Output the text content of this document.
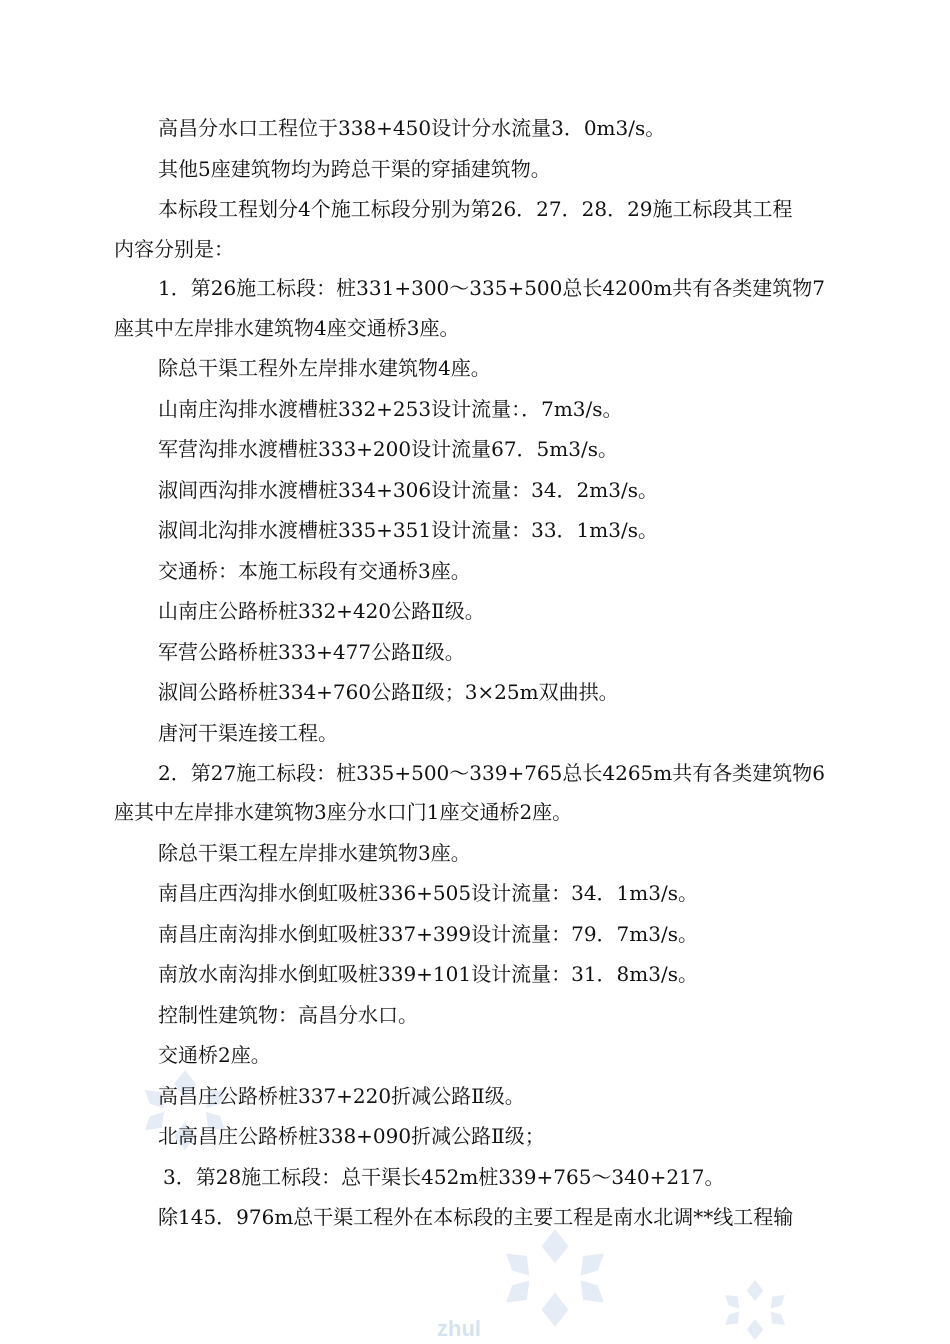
zhul
高昌分水口工程位于338+450设计分水流量3．0m3/s。
其他5座建筑物均为跨总干渠的穿插建筑物。
本标段工程划分4个施工标段分别为第26．27．28．29施工标段其工程
内容分别是：
1．第26施工标段：桩331+300～335+500总长4200m共有各类建筑物7
座其中左岸排水建筑物4座交通桥3座。
除总干渠工程外左岸排水建筑物4座。
山南庄沟排水渡槽桩332+253设计流量：．7m3/s。
军营沟排水渡槽桩333+200设计流量67．5m3/s。
淑闾西沟排水渡槽桩334+306设计流量：34．2m3/s。
淑闾北沟排水渡槽桩335+351设计流量：33．1m3/s。
交通桥：本施工标段有交通桥3座。
山南庄公路桥桩332+420公路Ⅱ级。
军营公路桥桩333+477公路Ⅱ级。
淑闾公路桥桩334+760公路Ⅱ级；3×25m双曲拱。
唐河干渠连接工程。
2．第27施工标段：桩335+500～339+765总长4265m共有各类建筑物6
座其中左岸排水建筑物3座分水口门1座交通桥2座。
除总干渠工程左岸排水建筑物3座。
南昌庄西沟排水倒虹吸桩336+505设计流量：34．1m3/s。
南昌庄南沟排水倒虹吸桩337+399设计流量：79．7m3/s。
南放水南沟排水倒虹吸桩339+101设计流量：31．8m3/s。
控制性建筑物：高昌分水口。
交通桥2座。
高昌庄公路桥桩337+220折减公路Ⅱ级。
北高昌庄公路桥桩338+090折减公路Ⅱ级；
3．第28施工标段：总干渠长452m桩339+765～340+217。
除145．976m总干渠工程外在本标段的主要工程是南水北调**线工程输
